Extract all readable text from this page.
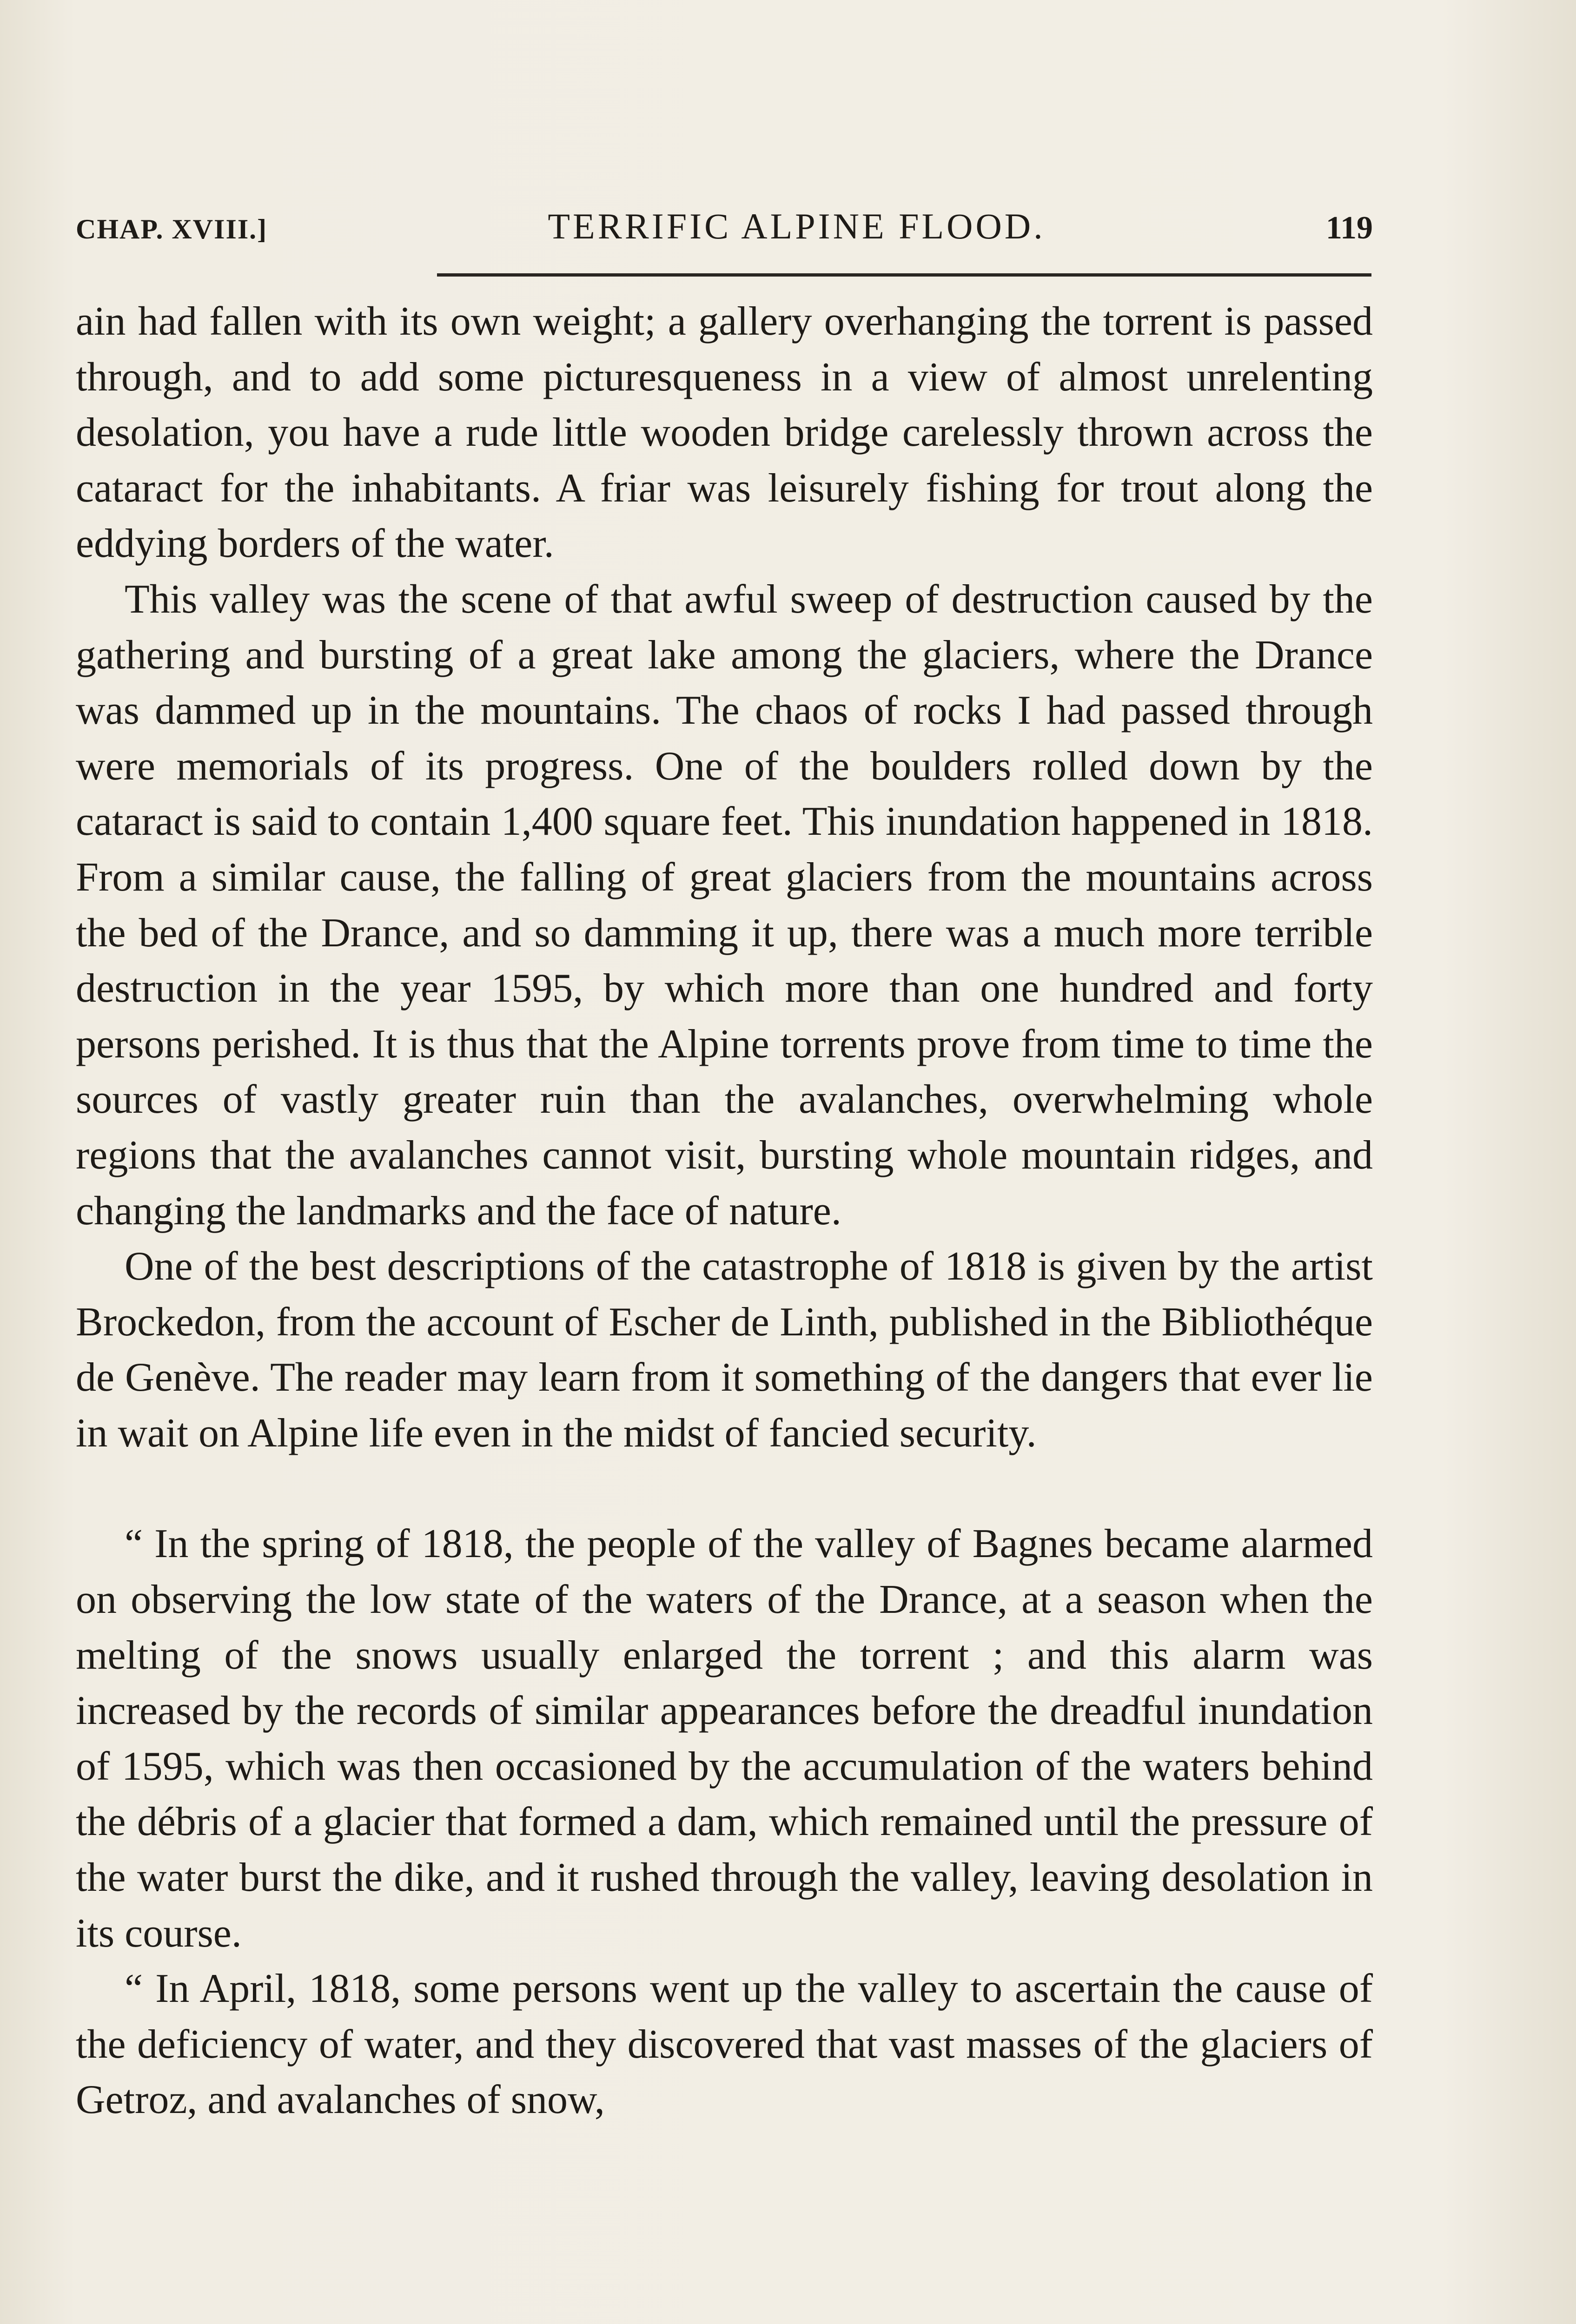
CHAP. XVIII.]	TERRIFIC ALPINE FLOOD.	119

ain had fallen with its own weight; a gallery overhanging the torrent is passed through, and to add some picturesqueness in a view of almost unrelenting desolation, you have a rude little wooden bridge carelessly thrown across the cataract for the inhabitants. A friar was leisurely fishing for trout along the eddying borders of the water.

This valley was the scene of that awful sweep of destruction caused by the gathering and bursting of a great lake among the glaciers, where the Drance was dammed up in the mountains. The chaos of rocks I had passed through were memorials of its progress. One of the boulders rolled down by the cataract is said to contain 1,400 square feet. This inundation happened in 1818. From a similar cause, the falling of great glaciers from the mountains across the bed of the Drance, and so damming it up, there was a much more terrible destruction in the year 1595, by which more than one hundred and forty persons perished. It is thus that the Alpine torrents prove from time to time the sources of vastly greater ruin than the avalanches, overwhelming whole regions that the avalanches cannot visit, bursting whole mountain ridges, and changing the landmarks and the face of nature.

One of the best descriptions of the catastrophe of 1818 is given by the artist Brockedon, from the account of Escher de Linth, published in the Bibliothéque de Genève. The reader may learn from it something of the dangers that ever lie in wait on Alpine life even in the midst of fancied security.

“ In the spring of 1818, the people of the valley of Bagnes became alarmed on observing the low state of the waters of the Drance, at a season when the melting of the snows usually enlarged the torrent ; and this alarm was increased by the records of similar appearances before the dreadful inundation of 1595, which was then occasioned by the accumulation of the waters behind the débris of a glacier that formed a dam, which remained until the pressure of the water burst the dike, and it rushed through the valley, leaving desolation in its course.

“ In April, 1818, some persons went up the valley to ascertain the cause of the deficiency of water, and they discovered that vast masses of the glaciers of Getroz, and avalanches of snow,
